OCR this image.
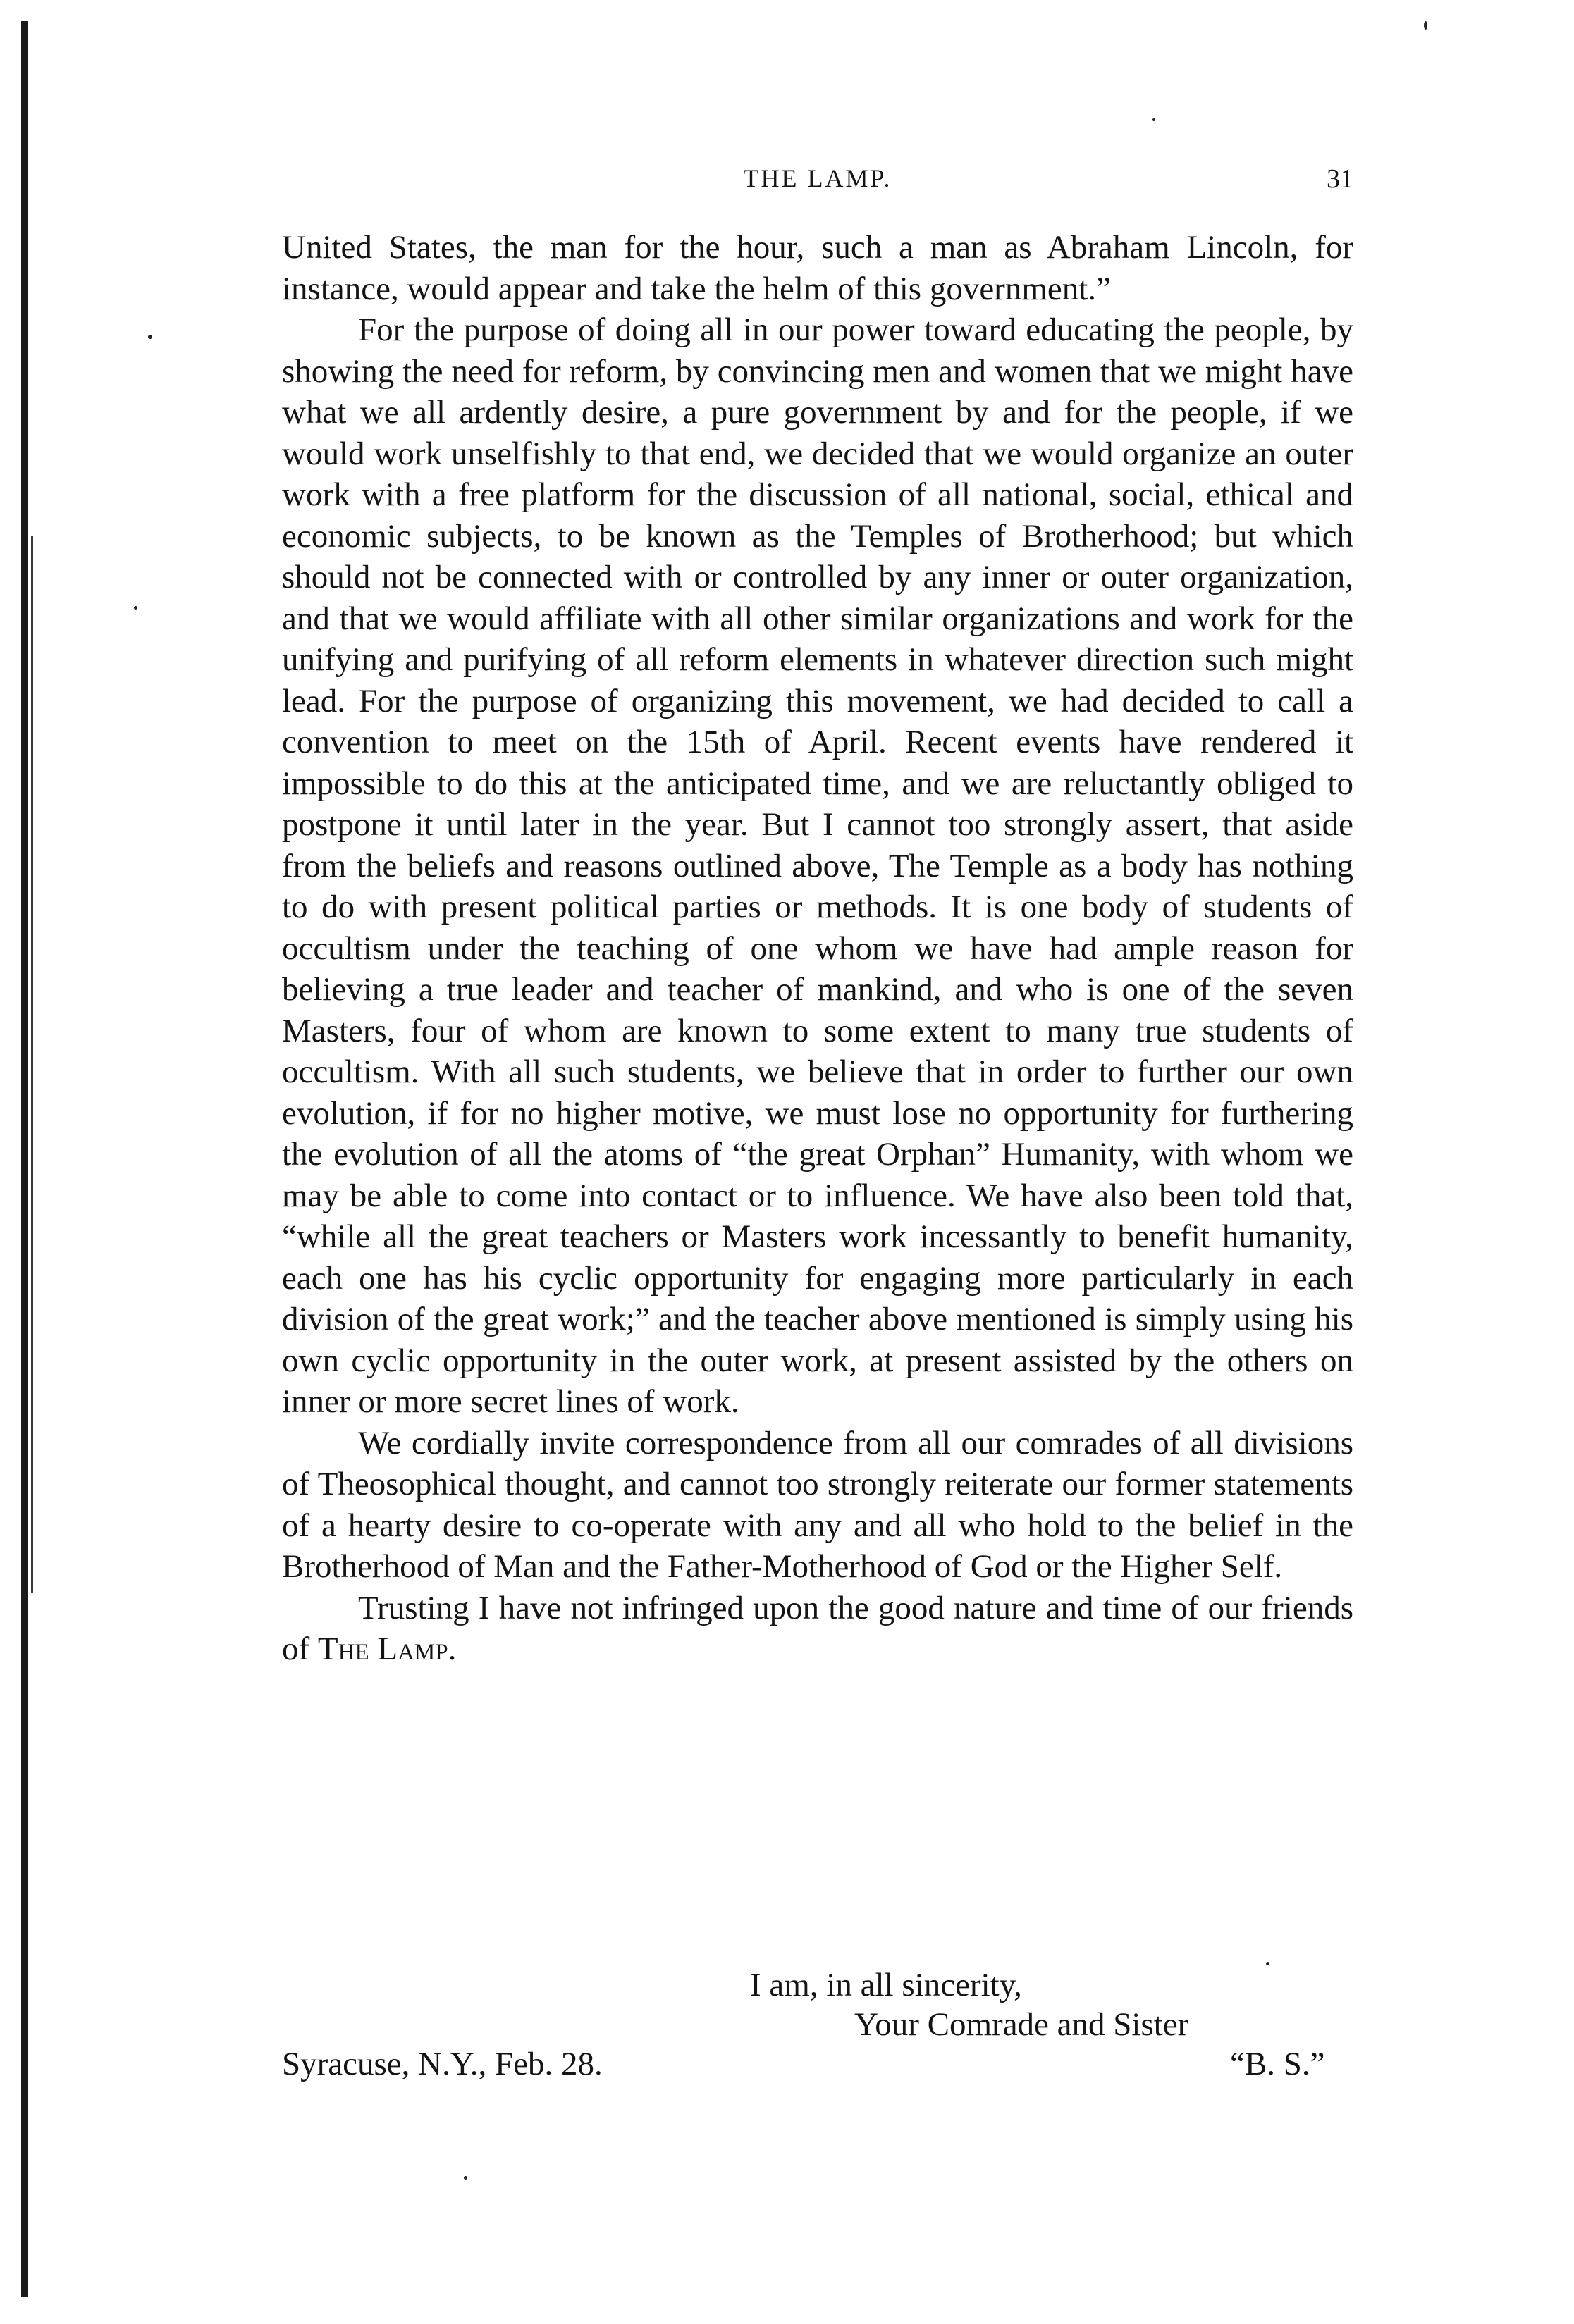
THE LAMP.	31

United States, the man for the hour, such a man as Abraham Lincoln, for instance, would appear and take the helm of this government.”

For the purpose of doing all in our power toward educating the people, by showing the need for reform, by convincing men and women that we might have what we all ardently desire, a pure government by and for the people, if we would work unselfishly to that end, we decided that we would organize an outer work with a free platform for the discussion of all national, social, ethical and economic subjects, to be known as the Temples of Brotherhood; but which should not be connected with or controlled by any inner or outer organization, and that we would affiliate with all other similar organizations and work for the unifying and purifying of all reform elements in whatever direction such might lead. For the purpose of organizing this movement, we had decided to call a convention to meet on the 15th of April. Recent events have rendered it impossible to do this at the anticipated time, and we are reluctantly obliged to postpone it until later in the year. But I cannot too strongly assert, that aside from the beliefs and reasons outlined above, The Temple as a body has nothing to do with present political parties or methods. It is one body of students of occultism under the teaching of one whom we have had ample reason for believing a true leader and teacher of mankind, and who is one of the seven Masters, four of whom are known to some extent to many true students of occultism. With all such students, we believe that in order to further our own evolution, if for no higher motive, we must lose no opportunity for furthering the evolution of all the atoms of “the great Orphan” Humanity, with whom we may be able to come into contact or to influence. We have also been told that, “while all the great teachers or Masters work incessantly to benefit humanity, each one has his cyclic opportunity for engaging more particularly in each division of the great work;” and the teacher above mentioned is simply using his own cyclic opportunity in the outer work, at present assisted by the others on inner or more secret lines of work.

We cordially invite correspondence from all our comrades of all divisions of Theosophical thought, and cannot too strongly reiterate our former statements of a hearty desire to co-operate with any and all who hold to the belief in the Brotherhood of Man and the Father-Motherhood of God or the Higher Self.

Trusting I have not infringed upon the good nature and time of our friends of The Lamp.

I am, in all sincerity,
Your Comrade and Sister
Syracuse, N.Y., Feb. 28.	“B. S.”
